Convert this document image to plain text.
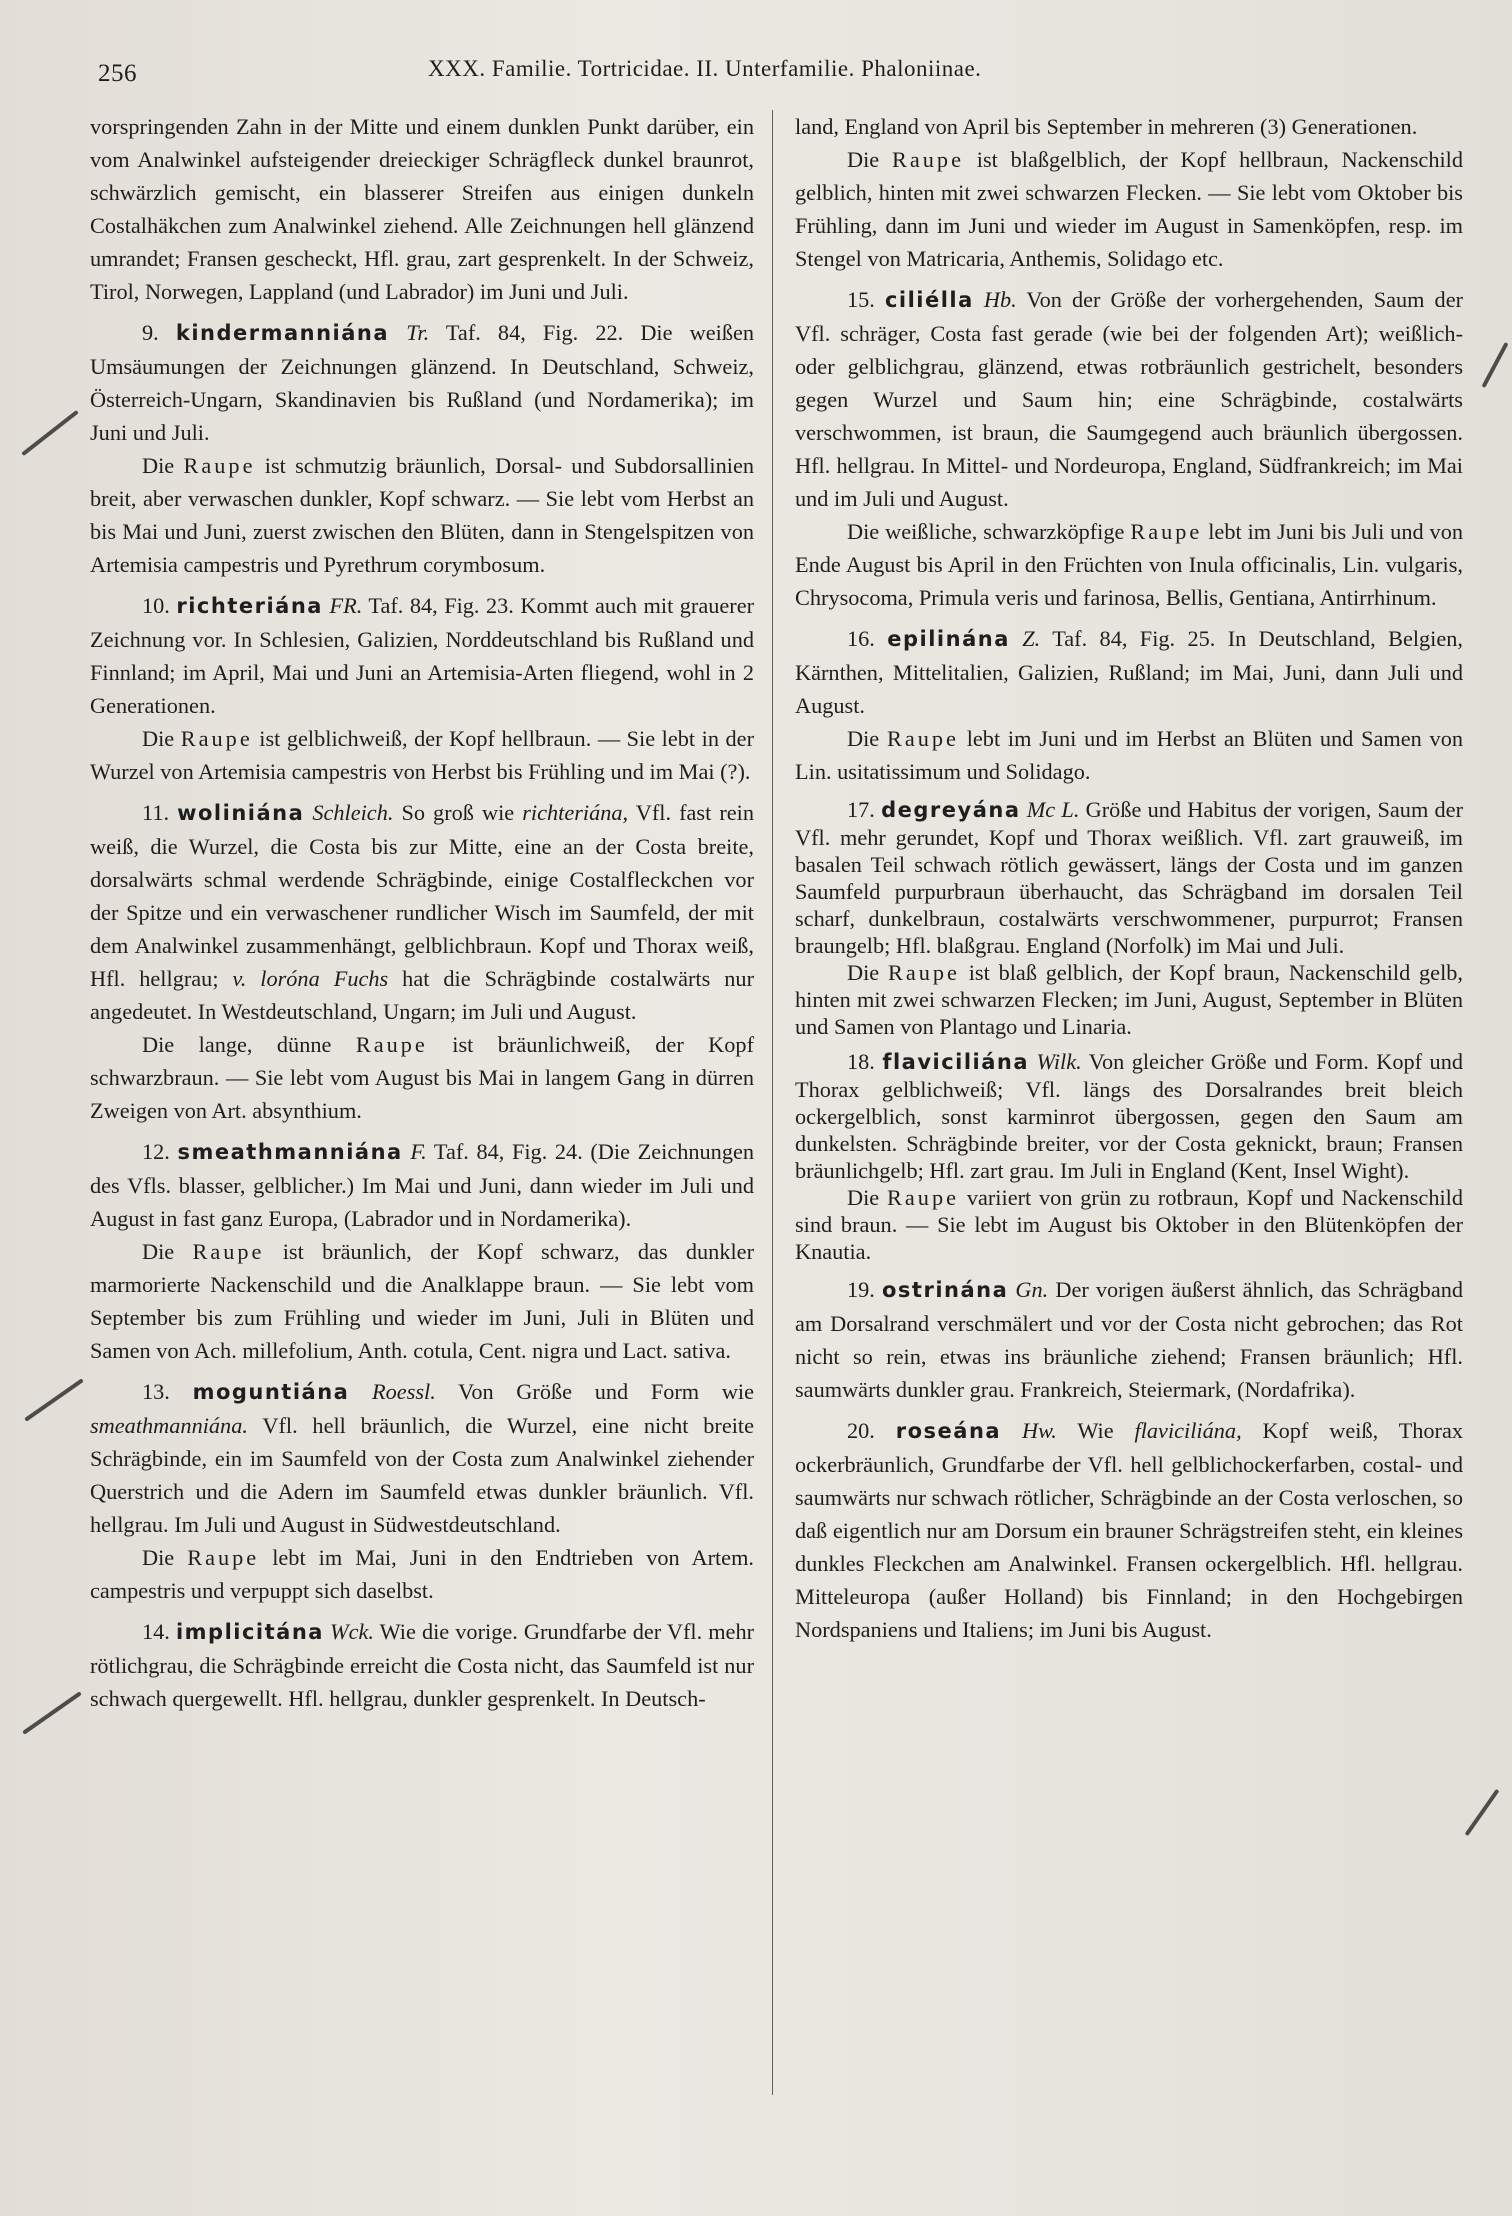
256	XXX. Familie. Tortricidae. II. Unterfamilie. Phaloniinae.

vorspringenden Zahn in der Mitte und einem dunklen Punkt darüber, ein vom Analwinkel aufsteigender dreieckiger Schrägfleck dunkel braunrot, schwärzlich gemischt, ein blasserer Streifen aus einigen dunkeln Costalhäkchen zum Analwinkel ziehend. Alle Zeichnungen hell glänzend umrandet; Fransen gescheckt, Hfl. grau, zart gesprenkelt. In der Schweiz, Tirol, Norwegen, Lappland (und Labrador) im Juni und Juli.

9. kindermanniána Tr. Taf. 84, Fig. 22. Die weißen Umsäumungen der Zeichnungen glänzend. In Deutschland, Schweiz, Österreich-Ungarn, Skandinavien bis Rußland (und Nordamerika); im Juni und Juli.

Die Raupe ist schmutzig bräunlich, Dorsal- und Subdorsallinien breit, aber verwaschen dunkler, Kopf schwarz. — Sie lebt vom Herbst an bis Mai und Juni, zuerst zwischen den Blüten, dann in Stengelspitzen von Artemisia campestris und Pyrethrum corymbosum.

10. richteriána FR. Taf. 84, Fig. 23. Kommt auch mit grauerer Zeichnung vor. In Schlesien, Galizien, Norddeutschland bis Rußland und Finnland; im April, Mai und Juni an Artemisia-Arten fliegend, wohl in 2 Generationen.

Die Raupe ist gelblichweiß, der Kopf hellbraun. — Sie lebt in der Wurzel von Artemisia campestris von Herbst bis Frühling und im Mai (?).

11. woliniána Schleich. So groß wie richteriána, Vfl. fast rein weiß, die Wurzel, die Costa bis zur Mitte, eine an der Costa breite, dorsalwärts schmal werdende Schrägbinde, einige Costalfleckchen vor der Spitze und ein verwaschener rundlicher Wisch im Saumfeld, der mit dem Analwinkel zusammenhängt, gelblichbraun. Kopf und Thorax weiß, Hfl. hellgrau; v. loróna Fuchs hat die Schrägbinde costalwärts nur angedeutet. In Westdeutschland, Ungarn; im Juli und August.

Die lange, dünne Raupe ist bräunlichweiß, der Kopf schwarzbraun. — Sie lebt vom August bis Mai in langem Gang in dürren Zweigen von Art. absynthium.

12. smeathmanniána F. Taf. 84, Fig. 24. (Die Zeichnungen des Vfls. blasser, gelblicher.) Im Mai und Juni, dann wieder im Juli und August in fast ganz Europa, (Labrador und in Nordamerika).

Die Raupe ist bräunlich, der Kopf schwarz, das dunkler marmorierte Nackenschild und die Analklappe braun. — Sie lebt vom September bis zum Frühling und wieder im Juni, Juli in Blüten und Samen von Ach. millefolium, Anth. cotula, Cent. nigra und Lact. sativa.

13. moguntiána Roessl. Von Größe und Form wie smeathmanniána. Vfl. hell bräunlich, die Wurzel, eine nicht breite Schrägbinde, ein im Saumfeld von der Costa zum Analwinkel ziehender Querstrich und die Adern im Saumfeld etwas dunkler bräunlich. Vfl. hellgrau. Im Juli und August in Südwestdeutschland.

Die Raupe lebt im Mai, Juni in den Endtrieben von Artem. campestris und verpuppt sich daselbst.

14. implicitána Wck. Wie die vorige. Grundfarbe der Vfl. mehr rötlichgrau, die Schrägbinde erreicht die Costa nicht, das Saumfeld ist nur schwach quergewellt. Hfl. hellgrau, dunkler gesprenkelt. In Deutsch-

land, England von April bis September in mehreren (3) Generationen.

Die Raupe ist blaßgelblich, der Kopf hellbraun, Nackenschild gelblich, hinten mit zwei schwarzen Flecken. — Sie lebt vom Oktober bis Frühling, dann im Juni und wieder im August in Samenköpfen, resp. im Stengel von Matricaria, Anthemis, Solidago etc.

15. ciliélla Hb. Von der Größe der vorhergehenden, Saum der Vfl. schräger, Costa fast gerade (wie bei der folgenden Art); weißlich- oder gelblichgrau, glänzend, etwas rotbräunlich gestrichelt, besonders gegen Wurzel und Saum hin; eine Schrägbinde, costalwärts verschwommen, ist braun, die Saumgegend auch bräunlich übergossen. Hfl. hellgrau. In Mittel- und Nordeuropa, England, Südfrankreich; im Mai und im Juli und August.

Die weißliche, schwarzköpfige Raupe lebt im Juni bis Juli und von Ende August bis April in den Früchten von Inula officinalis, Lin. vulgaris, Chrysocoma, Primula veris und farinosa, Bellis, Gentiana, Antirrhinum.

16. epilinána Z. Taf. 84, Fig. 25. In Deutschland, Belgien, Kärnthen, Mittelitalien, Galizien, Rußland; im Mai, Juni, dann Juli und August.

Die Raupe lebt im Juni und im Herbst an Blüten und Samen von Lin. usitatissimum und Solidago.

17. degreyána Mc L. Größe und Habitus der vorigen, Saum der Vfl. mehr gerundet, Kopf und Thorax weißlich. Vfl. zart grauweiß, im basalen Teil schwach rötlich gewässert, längs der Costa und im ganzen Saumfeld purpurbraun überhaucht, das Schrägband im dorsalen Teil scharf, dunkelbraun, costalwärts verschwommener, purpurrot; Fransen braungelb; Hfl. blaßgrau. England (Norfolk) im Mai und Juli.

Die Raupe ist blaß gelblich, der Kopf braun, Nackenschild gelb, hinten mit zwei schwarzen Flecken; im Juni, August, September in Blüten und Samen von Plantago und Linaria.

18. flaviciliána Wilk. Von gleicher Größe und Form. Kopf und Thorax gelblichweiß; Vfl. längs des Dorsalrandes breit bleich ockergelblich, sonst karminrot übergossen, gegen den Saum am dunkelsten. Schrägbinde breiter, vor der Costa geknickt, braun; Fransen bräunlichgelb; Hfl. zart grau. Im Juli in England (Kent, Insel Wight).

Die Raupe variiert von grün zu rotbraun, Kopf und Nackenschild sind braun. — Sie lebt im August bis Oktober in den Blütenköpfen der Knautia.

19. ostrinána Gn. Der vorigen äußerst ähnlich, das Schrägband am Dorsalrand verschmälert und vor der Costa nicht gebrochen; das Rot nicht so rein, etwas ins bräunliche ziehend; Fransen bräunlich; Hfl. saumwärts dunkler grau. Frankreich, Steiermark, (Nordafrika).

20. roseána Hw. Wie flaviciliána, Kopf weiß, Thorax ockerbräunlich, Grundfarbe der Vfl. hell gelblichockerfarben, costal- und saumwärts nur schwach rötlicher, Schrägbinde an der Costa verloschen, so daß eigentlich nur am Dorsum ein brauner Schrägstreifen steht, ein kleines dunkles Fleckchen am Analwinkel. Fransen ockergelblich. Hfl. hellgrau. Mitteleuropa (außer Holland) bis Finnland; in den Hochgebirgen Nordspaniens und Italiens; im Juni bis August.
